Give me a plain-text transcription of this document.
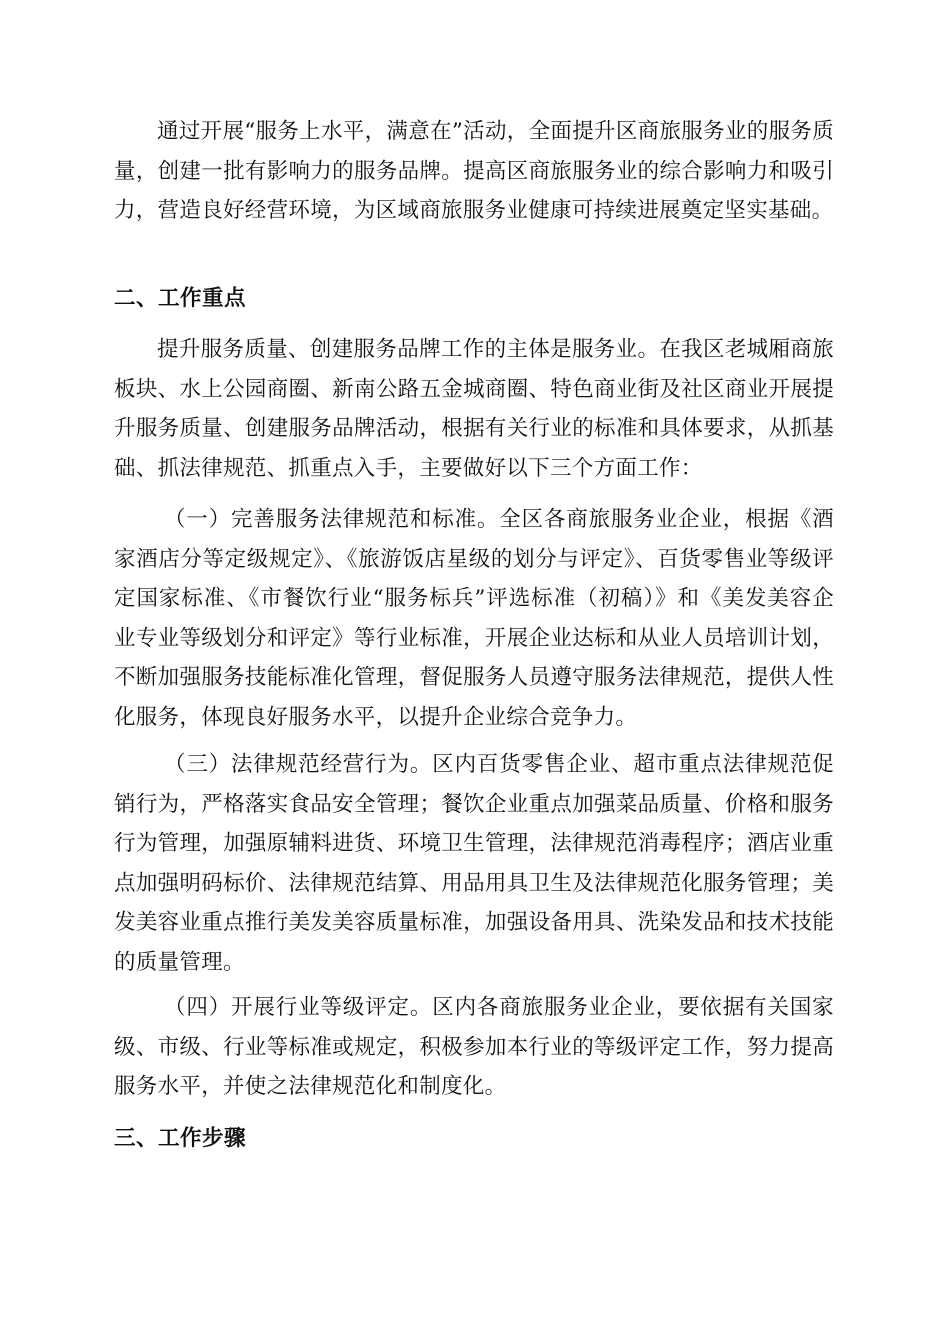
通过开展“服务上水平，满意在”活动，全面提升区商旅服务业的服务质量，创建一批有影响力的服务品牌。提高区商旅服务业的综合影响力和吸引力，营造良好经营环境，为区域商旅服务业健康可持续进展奠定坚实基础。

二、工作重点

提升服务质量、创建服务品牌工作的主体是服务业。在我区老城厢商旅板块、水上公园商圈、新南公路五金城商圈、特色商业街及社区商业开展提升服务质量、创建服务品牌活动，根据有关行业的标准和具体要求，从抓基础、抓法律规范、抓重点入手，主要做好以下三个方面工作：

（一）完善服务法律规范和标准。全区各商旅服务业企业，根据《酒家酒店分等定级规定》、《旅游饭店星级的划分与评定》、百货零售业等级评定国家标准、《市餐饮行业“服务标兵”评选标准（初稿）》和《美发美容企业专业等级划分和评定》等行业标准，开展企业达标和从业人员培训计划，不断加强服务技能标准化管理，督促服务人员遵守服务法律规范，提供人性化服务，体现良好服务水平，以提升企业综合竞争力。

（三）法律规范经营行为。区内百货零售企业、超市重点法律规范促销行为，严格落实食品安全管理；餐饮企业重点加强菜品质量、价格和服务行为管理，加强原辅料进货、环境卫生管理，法律规范消毒程序；酒店业重点加强明码标价、法律规范结算、用品用具卫生及法律规范化服务管理；美发美容业重点推行美发美容质量标准，加强设备用具、洗染发品和技术技能的质量管理。

（四）开展行业等级评定。区内各商旅服务业企业，要依据有关国家级、市级、行业等标准或规定，积极参加本行业的等级评定工作，努力提高服务水平，并使之法律规范化和制度化。

三、工作步骤
